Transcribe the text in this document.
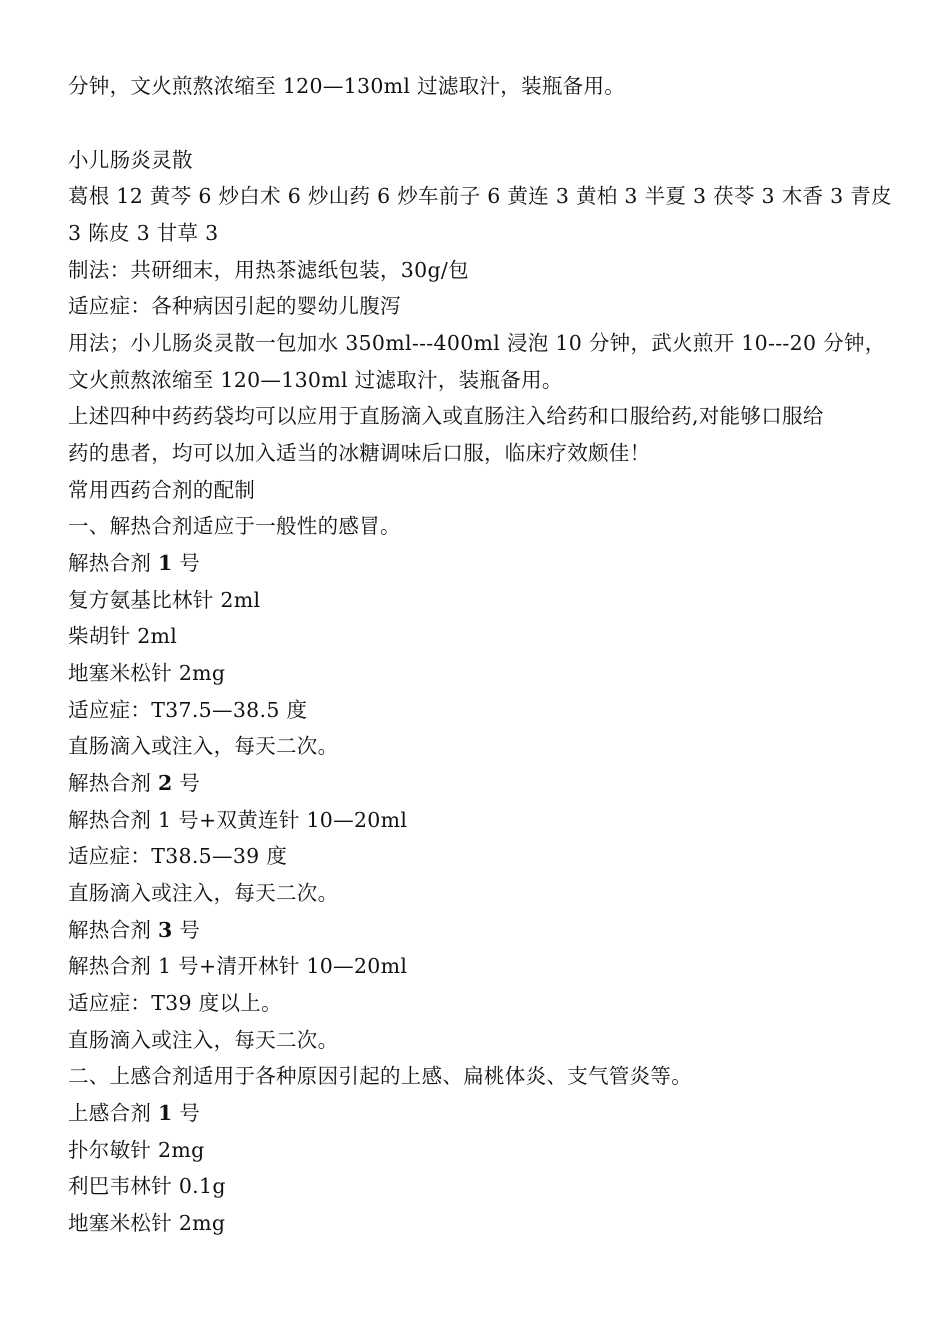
分钟，文火煎熬浓缩至 120—130ml 过滤取汁，装瓶备用。
小儿肠炎灵散
葛根 12 黄芩 6 炒白术 6 炒山药 6 炒车前子 6 黄连 3 黄柏 3 半夏 3 茯苓 3 木香 3 青皮
3 陈皮 3 甘草 3
制法：共研细末，用热茶滤纸包装，30g/包
适应症：各种病因引起的婴幼儿腹泻
用法；小儿肠炎灵散一包加水 350ml---400ml 浸泡 10 分钟，武火煎开 10---20 分钟，
文火煎熬浓缩至 120—130ml 过滤取汁，装瓶备用。
上述四种中药药袋均可以应用于直肠滴入或直肠注入给药和口服给药,对能够口服给
药的患者，均可以加入适当的冰糖调味后口服，临床疗效颇佳！
常用西药合剂的配制
一、解热合剂适应于一般性的感冒。
解热合剂 1 号
复方氨基比林针 2ml
柴胡针 2ml
地塞米松针 2mg
适应症：T37.5—38.5 度
直肠滴入或注入，每天二次。
解热合剂 2 号
解热合剂 1 号+双黄连针 10—20ml
适应症：T38.5—39 度
直肠滴入或注入，每天二次。
解热合剂 3 号
解热合剂 1 号+清开林针 10—20ml
适应症：T39 度以上。
直肠滴入或注入，每天二次。
二、上感合剂适用于各种原因引起的上感、扁桃体炎、支气管炎等。
上感合剂 1 号
扑尔敏针 2mg
利巴韦林针 0.1g
地塞米松针 2mg
